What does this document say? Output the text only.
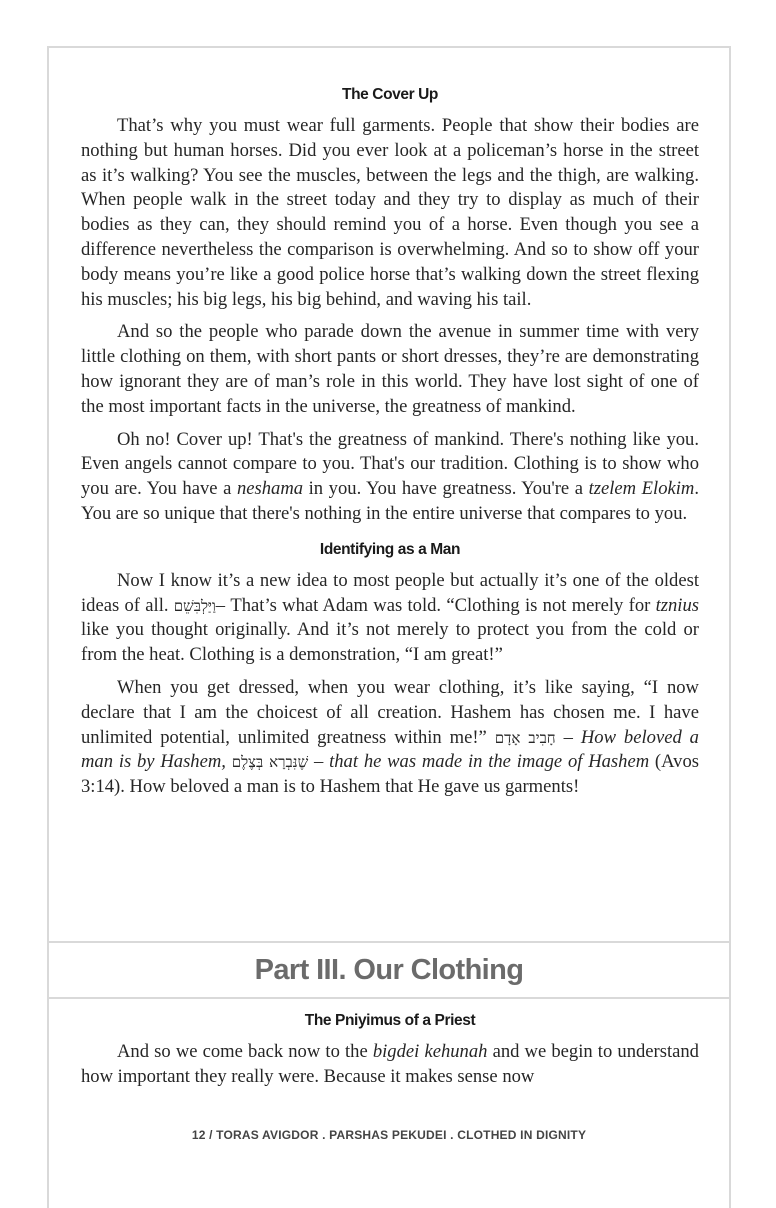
The Cover Up

That’s why you must wear full garments. People that show their bodies are nothing but human horses. Did you ever look at a policeman’s horse in the street as it’s walking? You see the muscles, between the legs and the thigh, are walking. When people walk in the street today and they try to display as much of their bodies as they can, they should remind you of a horse. Even though you see a difference nevertheless the comparison is overwhelming. And so to show off your body means you’re like a good police horse that’s walking down the street flexing his muscles; his big legs, his big behind, and waving his tail.

And so the people who parade down the avenue in summer time with very little clothing on them, with short pants or short dresses, they’re are demonstrating how ignorant they are of man’s role in this world. They have lost sight of one of the most important facts in the universe, the greatness of mankind.

Oh no! Cover up! That's the greatness of mankind. There's nothing like you. Even angels cannot compare to you. That's our tradition. Clothing is to show who you are. You have a neshama in you. You have greatness. You're a tzelem Elokim. You are so unique that there's nothing in the entire universe that compares to you.

Identifying as a Man

Now I know it’s a new idea to most people but actually it’s one of the oldest ideas of all. וַיַּלְבִּשֵׁם– That’s what Adam was told. “Clothing is not merely for tznius like you thought originally. And it’s not merely to protect you from the cold or from the heat. Clothing is a demonstration, “I am great!”

When you get dressed, when you wear clothing, it’s like saying, “I now declare that I am the choicest of all creation. Hashem has chosen me. I have unlimited potential, unlimited greatness within me!” חָבִיב אָדָם – How beloved a man is by Hashem, שֶׁנִּבְרָא בְּצֶלֶם – that he was made in the image of Hashem (Avos 3:14). How beloved a man is to Hashem that He gave us garments!

Part III. Our Clothing
The Pniyimus of a Priest

And so we come back now to the bigdei kehunah and we begin to understand how important they really were. Because it makes sense now

12 / TORAS AVIGDOR . PARSHAS PEKUDEI . CLOTHED IN DIGNITY
